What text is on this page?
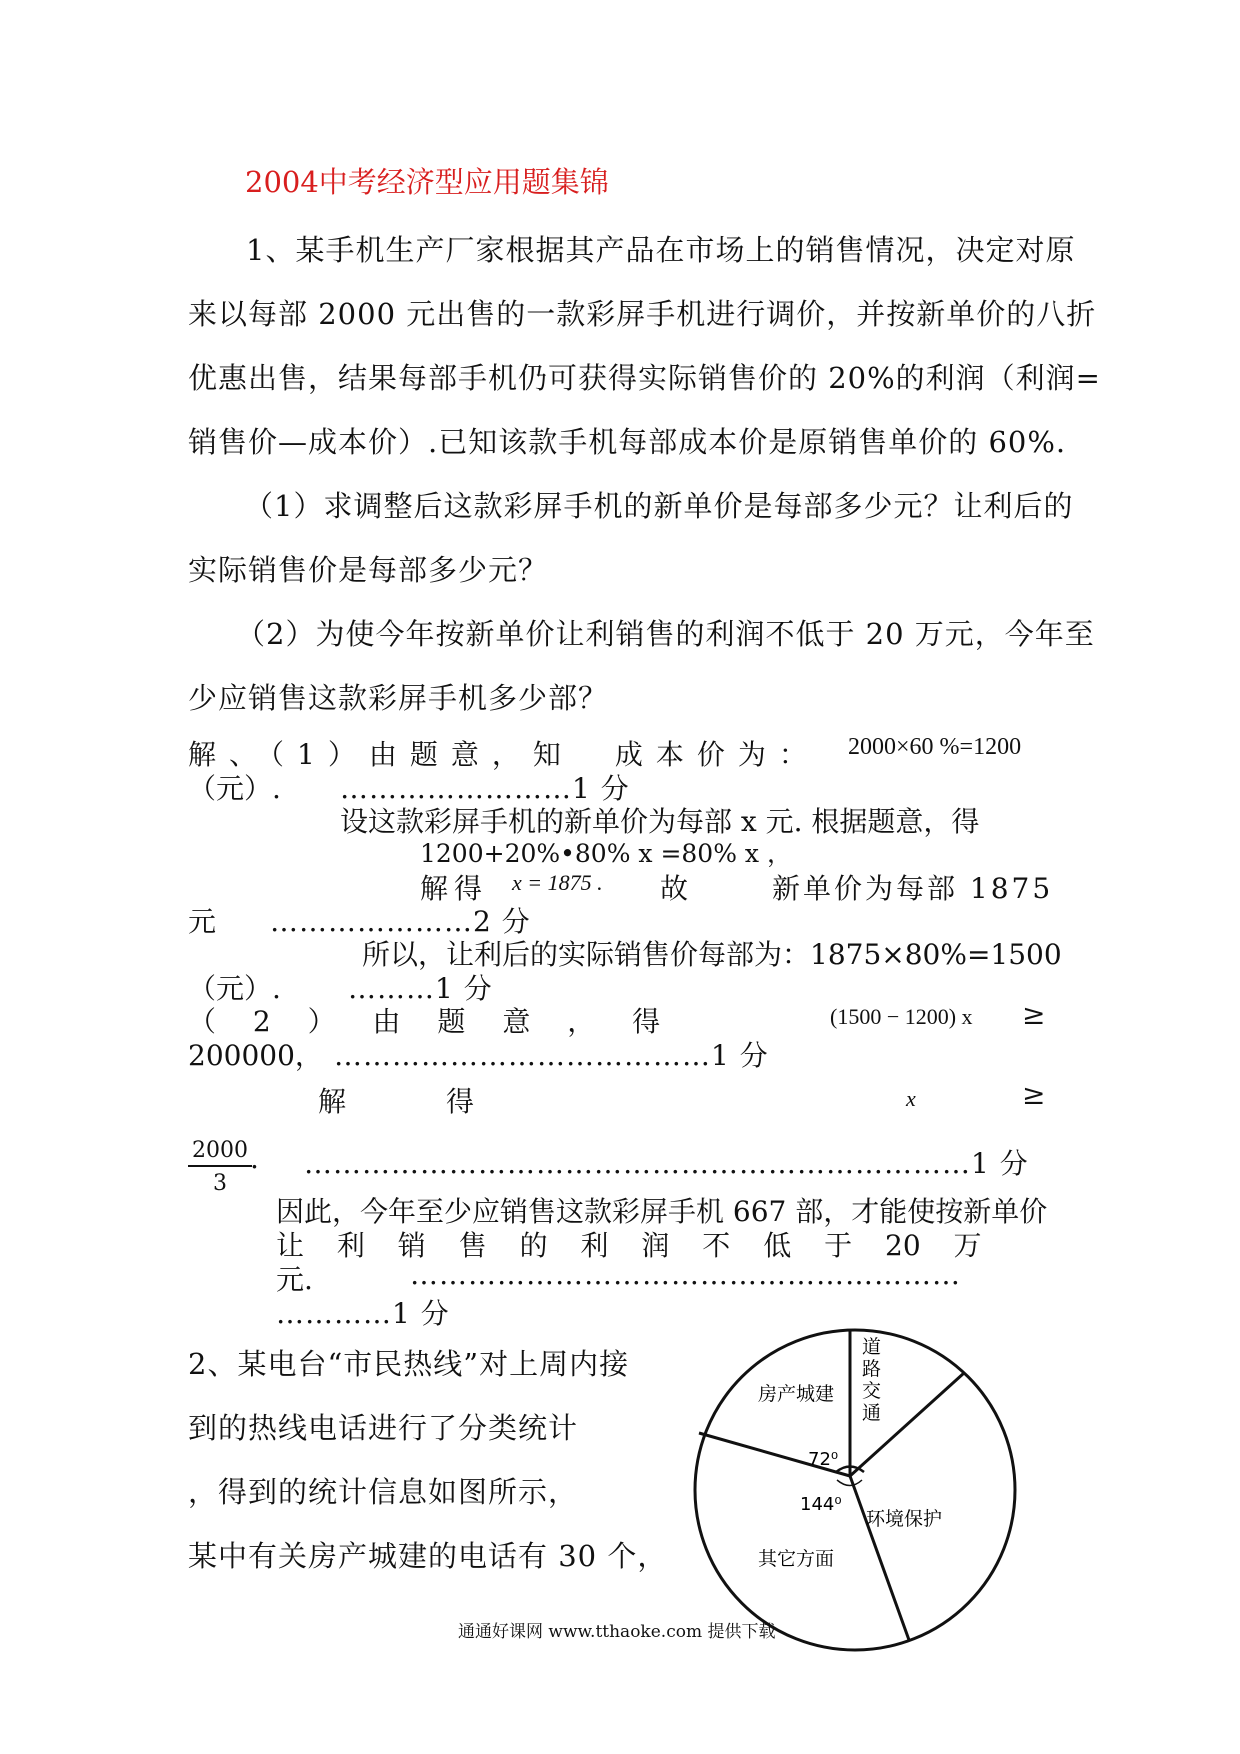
2004中考经济型应用题集锦
1、某手机生产厂家根据其产品在市场上的销售情况，决定对原
来以每部 2000 元出售的一款彩屏手机进行调价，并按新单价的八折
优惠出售，结果每部手机仍可获得实际销售价的 20%的利润（利润=
销售价—成本价）.已知该款手机每部成本价是原销售单价的 60%.
（1）求调整后这款彩屏手机的新单价是每部多少元？让利后的
实际销售价是每部多少元？
（2）为使今年按新单价让利销售的利润不低于 20 万元，今年至
少应销售这款彩屏手机多少部？
解、（1）由题意，知　成本价为： 2000×60 %=1200
（元）. ……………………1 分
设这款彩屏手机的新单价为每部 x 元. 根据题意，得
1200+20%•80% x =80% x ，
解得 x = 1875 . 故	新单价为每部 1875
元 …………………2 分
所以，让利后的实际销售价每部为：1875×80%=1500
（元）. ………1 分
（ 2 ） 由 题 意 ， 得	(1500 − 1200) x ≥
200000， …………………………………1 分
解	得	x	≥
$\frac{2000}{3}$
. ……………………………………………………………1 分
因此，今年至少应销售这款彩屏手机 667 部，才能使按新单价
让 利 销 售 的 利 润 不 低 于 20 万
元.	…………………………………………………
…………1 分
2、某电台“市民热线”对上周内接
到的热线电话进行了分类统计
，得到的统计信息如图所示，
某中有关房产城建的电话有 30 个，
房产城建
环境保护
其它方面
72⁰
144⁰
道路交通
通通好课网 www.tthaoke.com 提供下载
